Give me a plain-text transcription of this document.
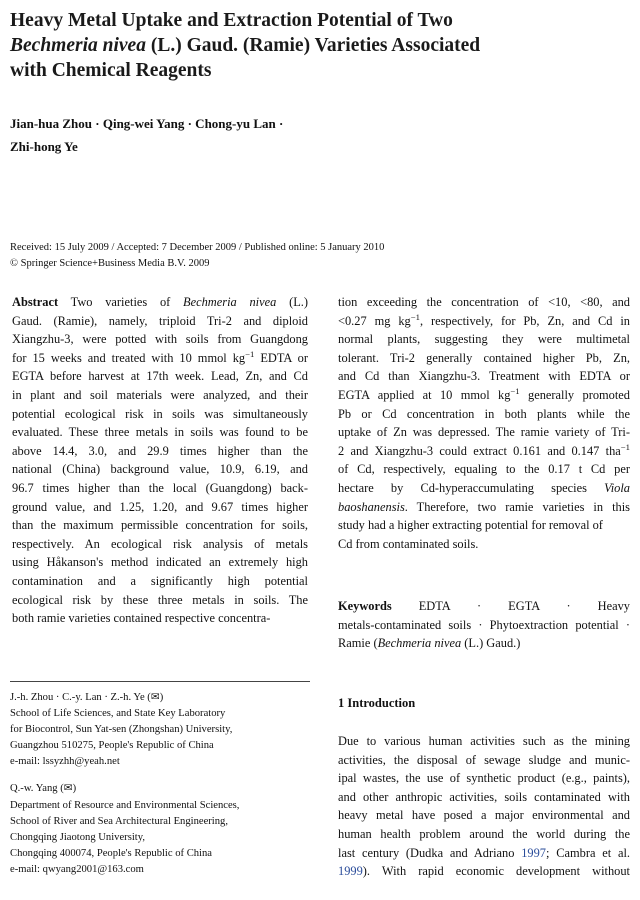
Heavy Metal Uptake and Extraction Potential of Two
Bechmeria nivea (L.) Gaud. (Ramie) Varieties Associated
with Chemical Reagents
Jian-hua Zhou · Qing-wei Yang · Chong-yu Lan ·
Zhi-hong Ye
Received: 15 July 2009 / Accepted: 7 December 2009 / Published online: 5 January 2010
© Springer Science+Business Media B.V. 2009
Abstract Two varieties of Bechmeria nivea (L.)
Gaud. (Ramie), namely, triploid Tri-2 and diploid
Xiangzhu-3, were potted with soils from Guangdong
for 15 weeks and treated with 10 mmol $kg^{-1}$ EDTA or
EGTA before harvest at 17th week. Lead, Zn, and Cd
in plant and soil materials were analyzed, and their
potential ecological risk in soils was simultaneously
evaluated. These three metals in soils was found to be
above 14.4, 3.0, and 29.9 times higher than the
national (China) background value, 10.9, 6.19, and
96.7 times higher than the local (Guangdong) back-
ground value, and 1.25, 1.20, and 9.67 times higher
than the maximum permissible concentration for soils,
respectively. An ecological risk analysis of metals
using Håkanson's method indicated an extremely high
contamination and a significantly high potential
ecological risk by these three metals in soils. The
both ramie varieties contained respective concentra-
tion exceeding the concentration of <10, <80, and
<0.27 mg $kg^{-1}$, respectively, for Pb, Zn, and Cd in
normal plants, suggesting they were multimetal
tolerant. Tri-2 generally contained higher Pb, Zn,
and Cd than Xiangzhu-3. Treatment with EDTA or
EGTA applied at 10 mmol $kg^{-1}$ generally promoted
Pb or Cd concentration in both plants while the
uptake of Zn was depressed. The ramie variety of Tri-
2 and Xiangzhu-3 could extract 0.161 and 0.147 tha$^{-1}$
of Cd, respectively, equaling to the 0.17 t Cd per
hectare by Cd-hyperaccumulating species Viola
baoshanensis. Therefore, two ramie varieties in this
study had a higher extracting potential for removal of
Cd from contaminated soils.
Keywords EDTA · EGTA · Heavy
metals-contaminated soils · Phytoextraction potential ·
Ramie (Bechmeria nivea (L.) Gaud.)
J.-h. Zhou · C.-y. Lan · Z.-h. Ye (✉)
School of Life Sciences, and State Key Laboratory
for Biocontrol, Sun Yat-sen (Zhongshan) University,
Guangzhou 510275, People's Republic of China
e-mail: lssyzhh@yeah.net
Q.-w. Yang (✉)
Department of Resource and Environmental Sciences,
School of River and Sea Architectural Engineering,
Chongqing Jiaotong University,
Chongqing 400074, People's Republic of China
e-mail: qwyang2001@163.com
1 Introduction
Due to various human activities such as the mining
activities, the disposal of sewage sludge and munic-
ipal wastes, the use of synthetic product (e.g., paints),
and other anthropic activities, soils contaminated with
heavy metal have posed a major environmental and
human health problem around the world during the
last century (Dudka and Adriano 1997; Cambra et al.
1999). With rapid economic development without
